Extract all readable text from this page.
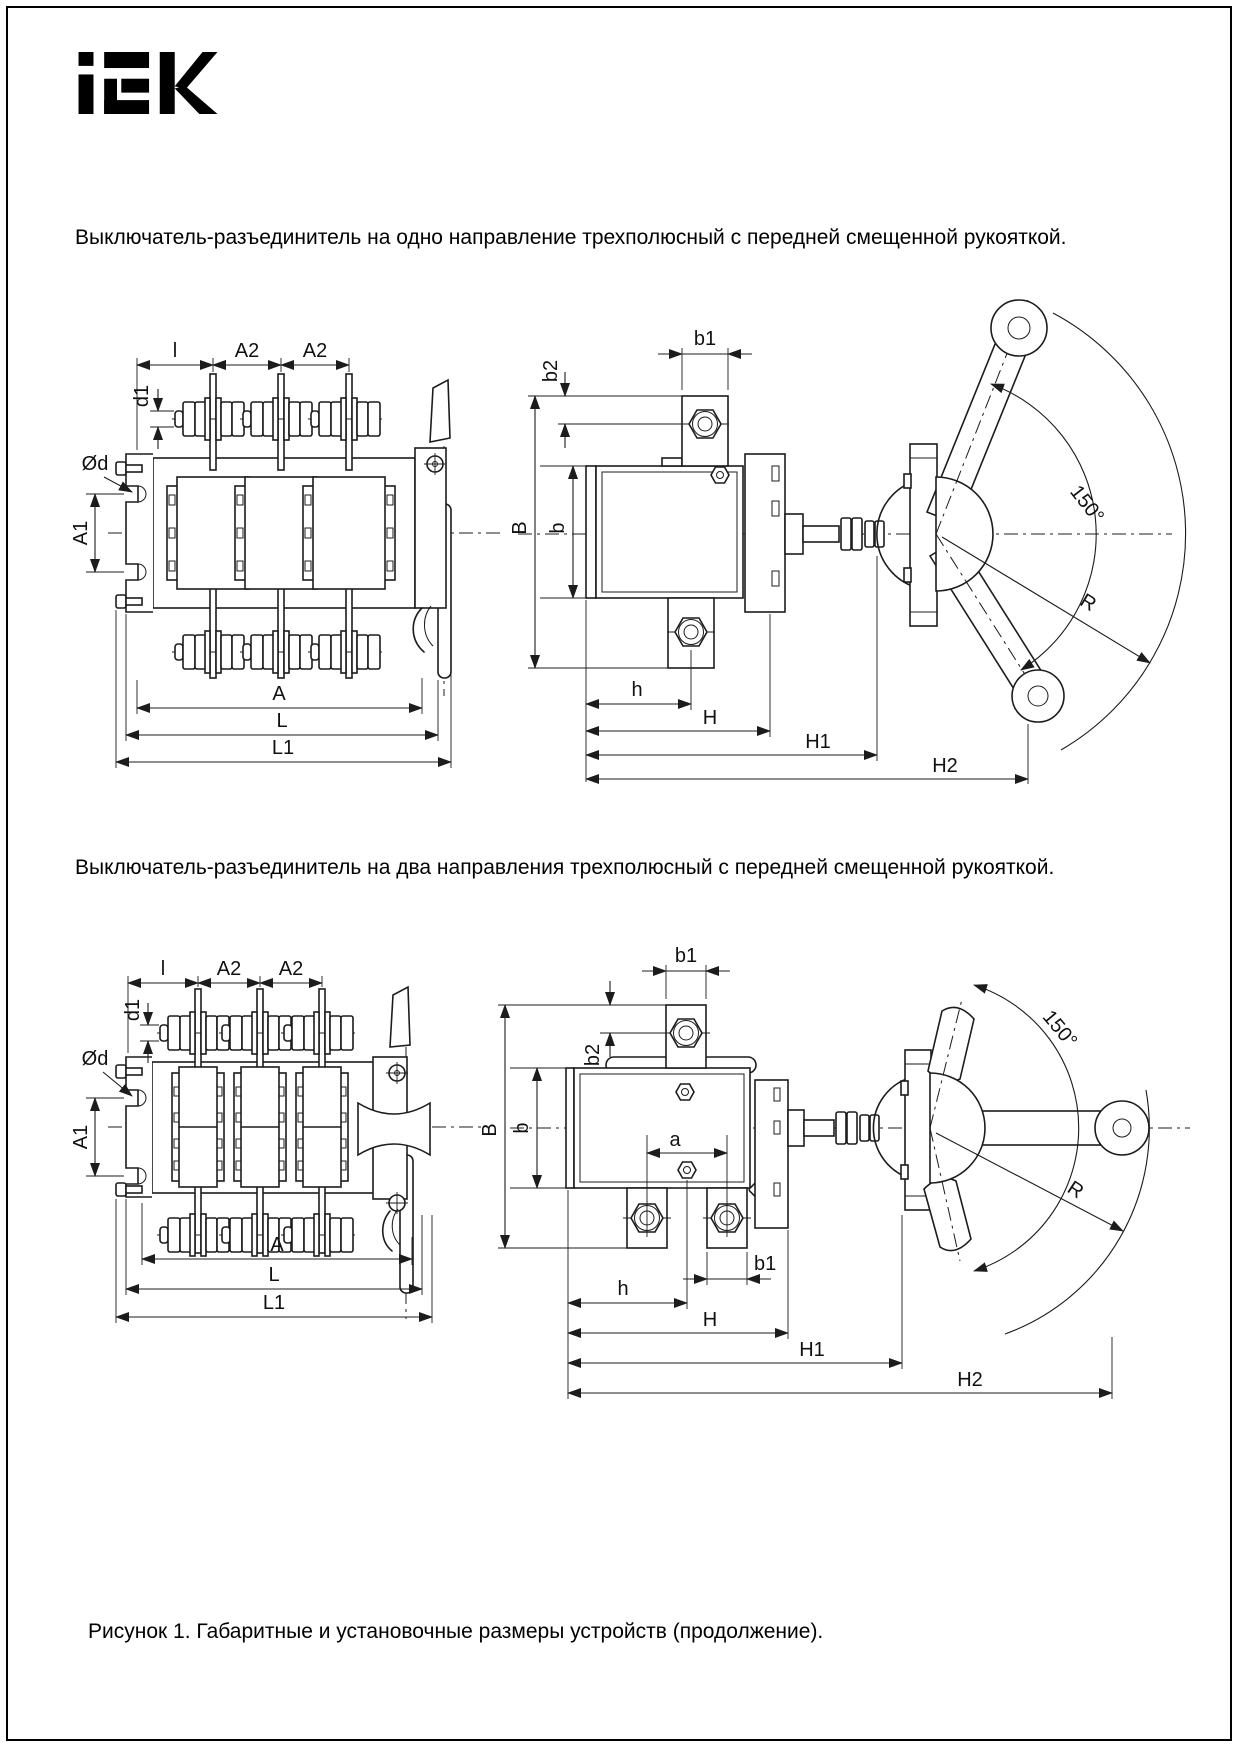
Выключатель-разъединитель на одно направление трехполюсный с передней смещенной рукояткой.
l	A2 A2
d1
Ød
A1
A
L
L1
150°
R
b1
b2
B b
h
H
H1
H2
Выключатель-разъединитель на два направления трехполюсный с передней смещенной рукояткой.
l	A2 A2
d1
Ød
A1
A
L
L1
150°
R
b1
b2
B b
a
b1
h
H
H1
H2
Рисунок 1. Габаритные и установочные размеры устройств (продолжение).
